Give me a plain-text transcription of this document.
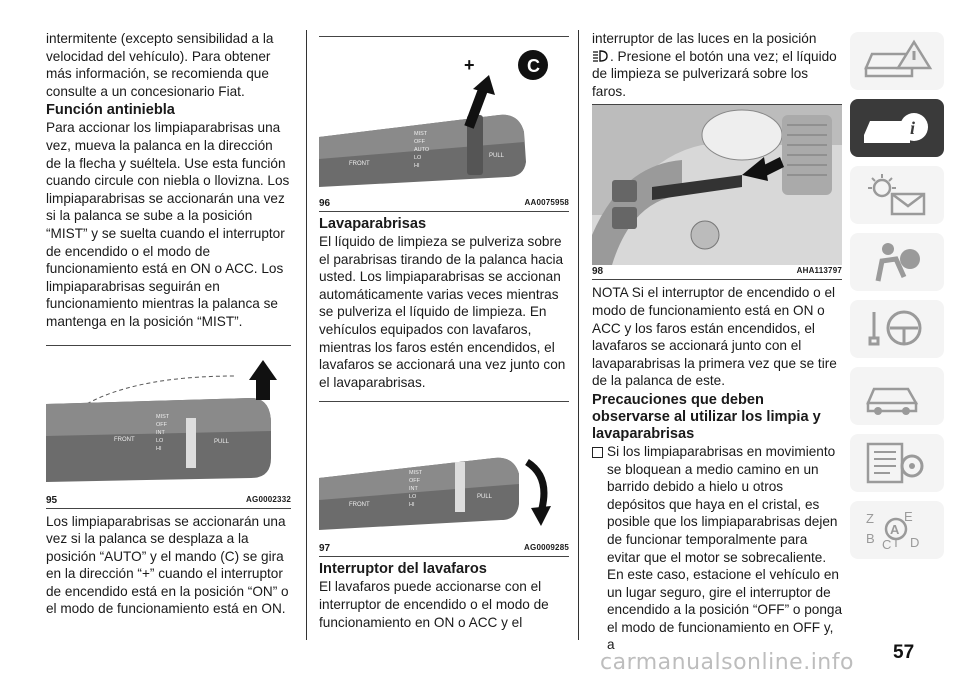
intermitente (excepto sensibilidad a la velocidad del vehículo). Para obtener más información, se recomienda que consulte a un concesionario Fiat.

Función antiniebla

Para accionar los limpiaparabrisas una vez, mueva la palanca en la dirección de la flecha y suéltela. Use esta función cuando circule con niebla o llovizna. Los limpiaparabrisas se accionarán una vez si la palanca se sube a la posición “MIST” y se suelta cuando el interruptor de encendido o el modo de funcionamiento está en ON o ACC. Los limpiaparabrisas seguirán en funcionamiento mientras la palanca se mantenga en la posición “MIST”.

FRONT
MIST
OFF
INT
LO
HI
PULL
95	AG0002332

Los limpiaparabrisas se accionarán una vez si la palanca se desplaza a la posición “AUTO” y el mando (C) se gira en la dirección “+” cuando el interruptor de encendido está en la posición “ON” o el modo de funcionamiento está en ON.

FRONT
MIST
OFF
AUTO
LO
HI
PULL
+	C
96	AA0075958
Lavaparabrisas

El líquido de limpieza se pulveriza sobre el parabrisas tirando de la palanca hacia usted. Los limpiaparabrisas se accionan automáticamente varias veces mientras se pulveriza el líquido de limpieza. En vehículos equipados con lavafaros, mientras los faros estén encendidos, el lavafaros se accionará una vez junto con el lavaparabrisas.

FRONT
MIST
OFF
INT
LO
HI
PULL
97	AG0009285
Interruptor del lavafaros

El lavafaros puede accionarse con el interruptor de encendido o el modo de funcionamiento en ON o ACC y el

interruptor de las luces en la posición
. Presione el botón una vez; el líquido de limpieza se pulverizará sobre los faros.

98	AHA113797

NOTA Si el interruptor de encendido o el modo de funcionamiento está en ON o ACC y los faros están encendidos, el lavafaros se accionará junto con el lavaparabrisas la primera vez que se tire de la palanca de este.

Precauciones que deben observarse al utilizar los limpia y lavaparabrisas

Si los limpiaparabrisas en movimiento se bloquean a medio camino en un barrido debido a hielo u otros depósitos que haya en el cristal, es posible que los limpiaparabrisas dejen de funcionar temporalmente para evitar que el motor se sobrecaliente. En este caso, estacione el vehículo en un lugar seguro, gire el interruptor de encendido a la posición “OFF” o ponga el modo de funcionamiento en OFF y, a

i
Z E
B C T D
A
57
carmanualsonline.info
